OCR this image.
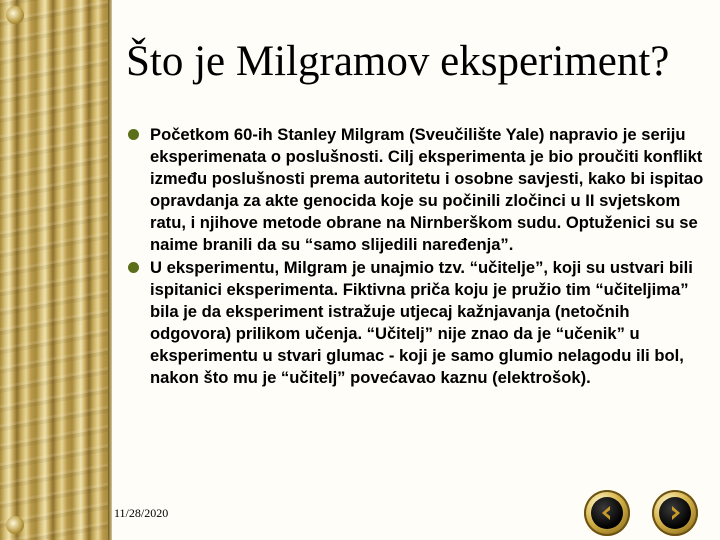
Što je Milgramov eksperiment?
Početkom 60-ih Stanley Milgram (Sveučilište Yale) napravio je seriju eksperimenata o poslušnosti. Cilj eksperimenta je bio proučiti konflikt između poslušnosti prema autoritetu i osobne savjesti, kako bi ispitao opravdanja za akte genocida koje su počinili zločinci u II svjetskom ratu, i njihove metode obrane na Nirnberškom sudu. Optuženici su se naime branili da su “samo slijedili naređenja”.
U eksperimentu, Milgram je unajmio tzv. “učitelje”, koji su ustvari bili ispitanici eksperimenta. Fiktivna priča koju je pružio tim “učiteljima” bila je da eksperiment istražuje utjecaj kažnjavanja (netočnih odgovora) prilikom učenja. “Učitelj” nije znao da je “učenik” u eksperimentu u stvari glumac - koji je samo glumio nelagodu ili bol, nakon što mu je “učitelj” povećavao kaznu (elektrošok).
11/28/2020
